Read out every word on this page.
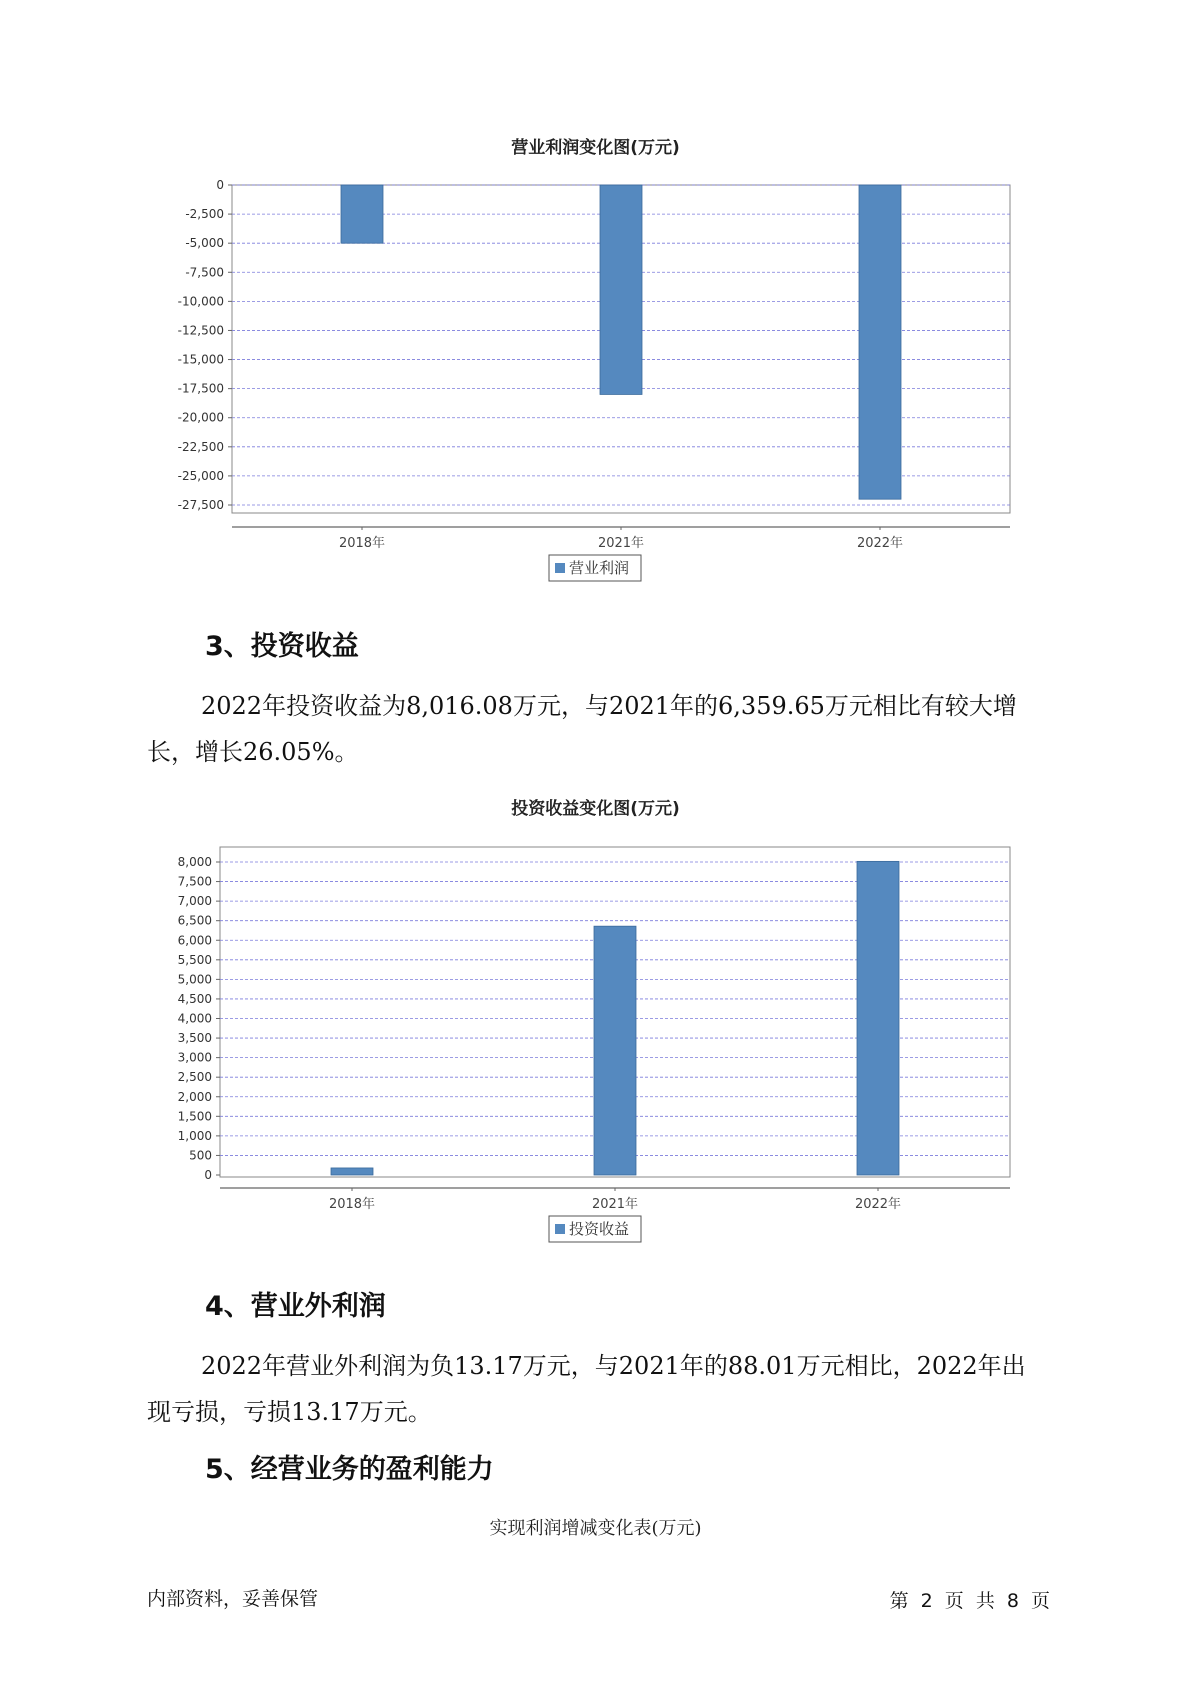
营业利润变化图(万元)
0
-2,500
-5,000
-7,500
-10,000
-12,500
-15,000
-17,500
-20,000
-22,500
-25,000
-27,500
2018年	2021年	2022年
营业利润
3、投资收益
2022年投资收益为8,016.08万元，与2021年的6,359.65万元相比有较大增长，增长26.05%。
投资收益变化图(万元)
8,000
7,500
7,000
6,500
6,000
5,500
5,000
4,500
4,000
3,500
3,000
2,500
2,000
1,500
1,000
500
0
2018年	2021年	2022年
投资收益
4、营业外利润
2022年营业外利润为负13.17万元，与2021年的88.01万元相比，2022年出现亏损，亏损13.17万元。
5、经营业务的盈利能力
实现利润增减变化表(万元)
内部资料，妥善保管	第 2 页 共 8 页
